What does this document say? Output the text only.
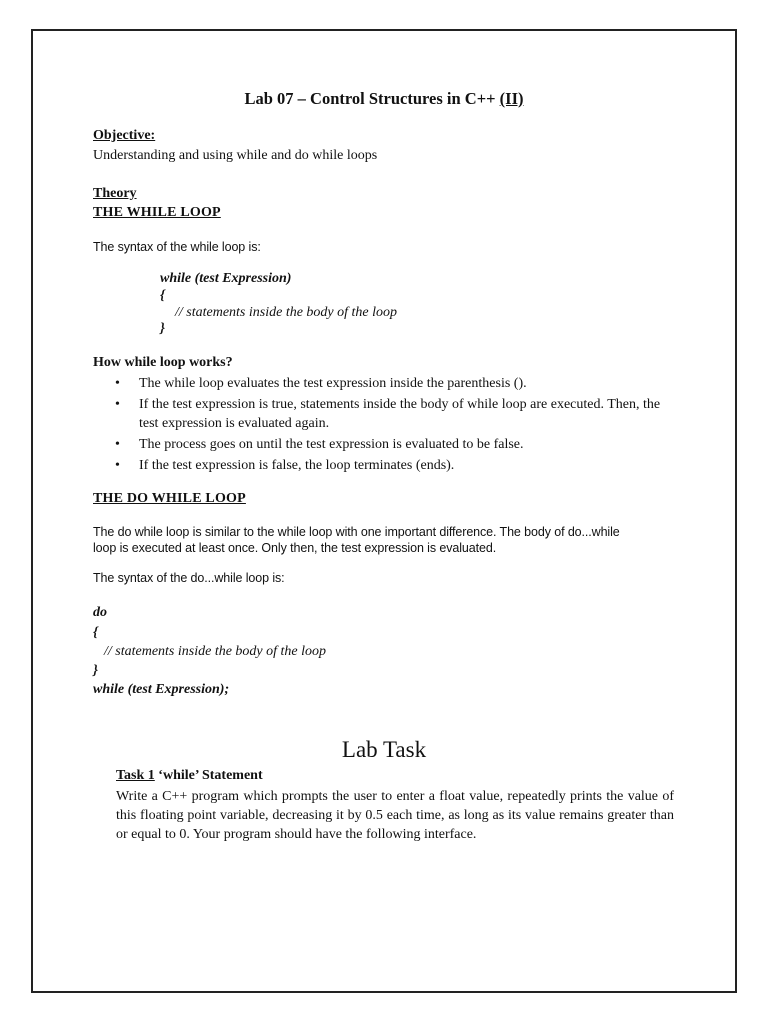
Lab 07 – Control Structures in C++ (II)
Objective:
Understanding and using while and do while loops
Theory
THE WHILE LOOP
The syntax of the while loop is:
while (test Expression)
{
// statements inside the body of the loop
}
How while loop works?
• The while loop evaluates the test expression inside the parenthesis ().
• If the test expression is true, statements inside the body of while loop are executed. Then, the test expression is evaluated again.
• The process goes on until the test expression is evaluated to be false.
• If the test expression is false, the loop terminates (ends).
THE DO WHILE LOOP
The do while loop is similar to the while loop with one important difference. The body of do...while
loop is executed at least once. Only then, the test expression is evaluated.
The syntax of the do...while loop is:
do
{
// statements inside the body of the loop
}
while (test Expression);
Lab Task
Task 1 ‘while’ Statement
Write a C++ program which prompts the user to enter a float value, repeatedly prints the value of this floating point variable, decreasing it by 0.5 each time, as long as its value remains greater than or equal to 0. Your program should have the following interface.
